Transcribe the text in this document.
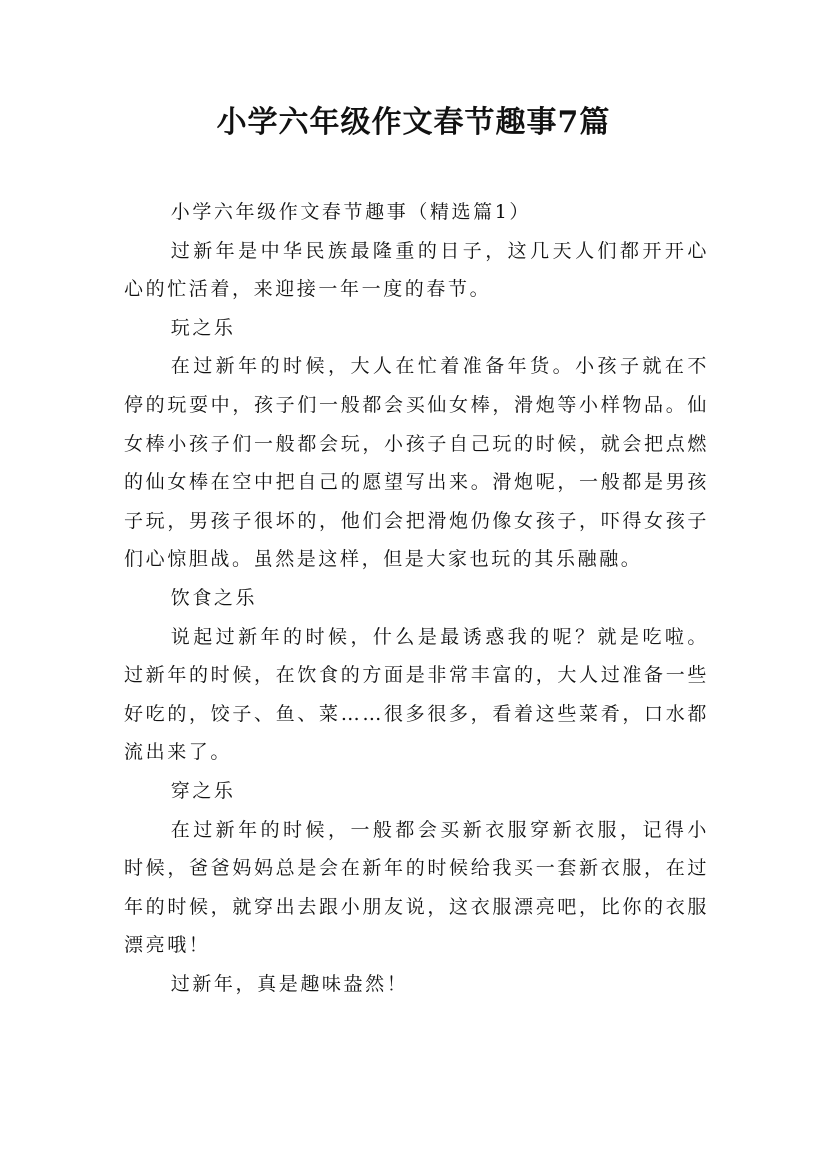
小学六年级作文春节趣事7篇

小学六年级作文春节趣事（精选篇1）

过新年是中华民族最隆重的日子，这几天人们都开开心心的忙活着，来迎接一年一度的春节。

玩之乐

在过新年的时候，大人在忙着准备年货。小孩子就在不停的玩耍中，孩子们一般都会买仙女棒，滑炮等小样物品。仙女棒小孩子们一般都会玩，小孩子自己玩的时候，就会把点燃的仙女棒在空中把自己的愿望写出来。滑炮呢，一般都是男孩子玩，男孩子很坏的，他们会把滑炮仍像女孩子，吓得女孩子们心惊胆战。虽然是这样，但是大家也玩的其乐融融。

饮食之乐

说起过新年的时候，什么是最诱惑我的呢？就是吃啦。过新年的时候，在饮食的方面是非常丰富的，大人过准备一些好吃的，饺子、鱼、菜……很多很多，看着这些菜肴，口水都流出来了。

穿之乐

在过新年的时候，一般都会买新衣服穿新衣服，记得小时候，爸爸妈妈总是会在新年的时候给我买一套新衣服，在过年的时候，就穿出去跟小朋友说，这衣服漂亮吧，比你的衣服漂亮哦！

过新年，真是趣味盎然！
